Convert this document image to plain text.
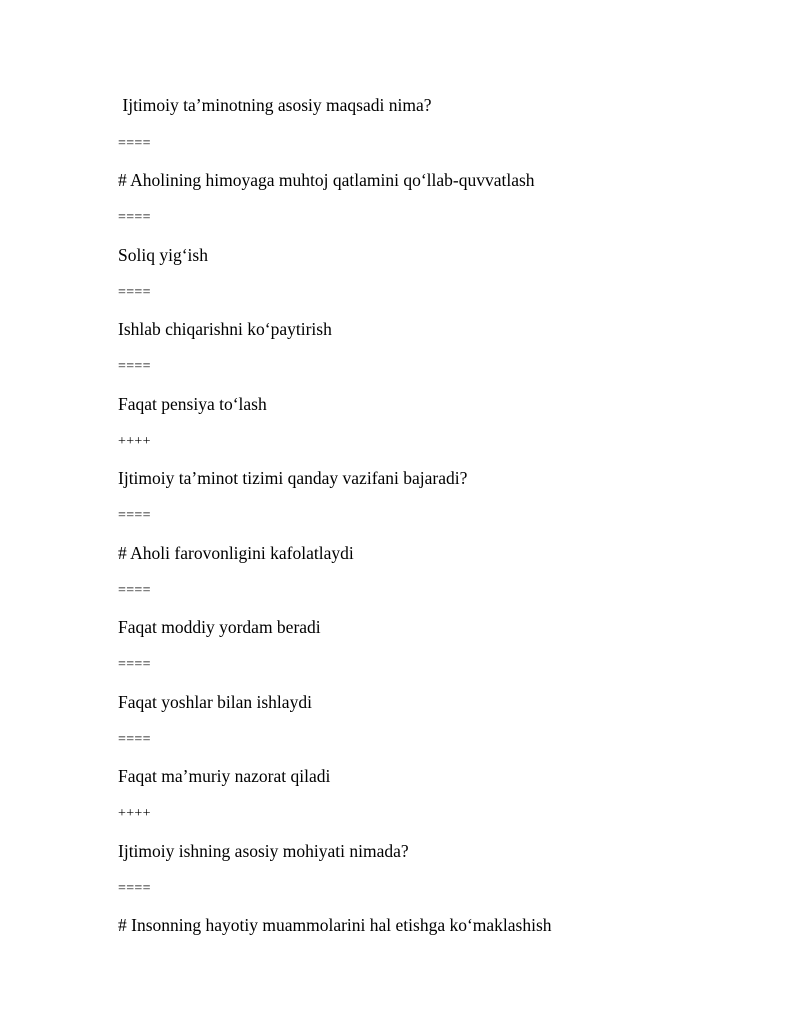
Ijtimoiy ta’minotning asosiy maqsadi nima?
====
# Aholining himoyaga muhtoj qatlamini qo‘llab-quvvatlash
====
Soliq yig‘ish
====
Ishlab chiqarishni ko‘paytirish
====
Faqat pensiya to‘lash
++++
Ijtimoiy ta’minot tizimi qanday vazifani bajaradi?
====
# Aholi farovonligini kafolatlaydi
====
Faqat moddiy yordam beradi
====
Faqat yoshlar bilan ishlaydi
====
Faqat ma’muriy nazorat qiladi
++++
Ijtimoiy ishning asosiy mohiyati nimada?
====
# Insonning hayotiy muammolarini hal etishga ko‘maklashish
